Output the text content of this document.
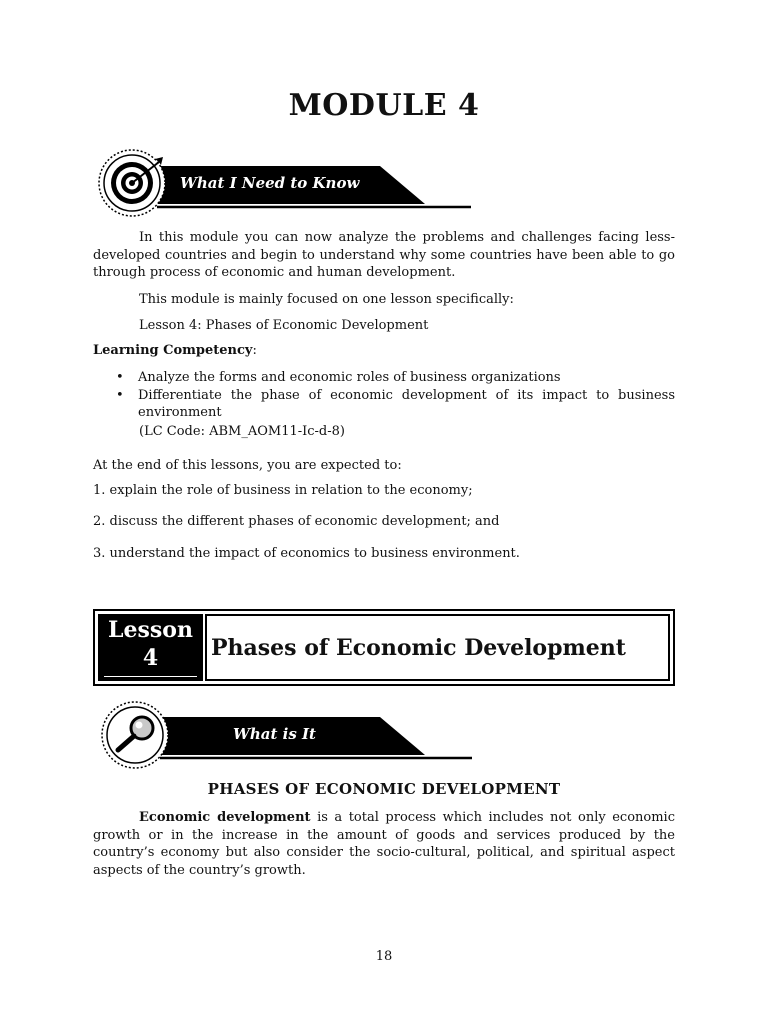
MODULE 4
What I Need to Know
In this module you can now analyze the problems and challenges facing less-developed countries and begin to understand why some countries have been able to go through process of economic and human development.
This module is mainly focused on one lesson specifically:
Lesson 4: Phases of Economic Development
Learning Competency:
• Analyze the forms and economic roles of business organizations
• Differentiate the phase of economic development of its impact to business environment
(LC Code: ABM_AOM11-Ic-d-8)
At the end of this lessons, you are expected to:
1. explain the role of business in relation to the economy;
2. discuss the different phases of economic development; and
3. understand the impact of economics to business environment.
Lesson
4	Phases of Economic Development
What is It
PHASES OF ECONOMIC DEVELOPMENT
Economic development is a total process which includes not only economic growth or in the increase in the amount of goods and services produced by the country’s economy but also consider the socio-cultural, political, and spiritual aspect aspects of the country’s growth.
18
